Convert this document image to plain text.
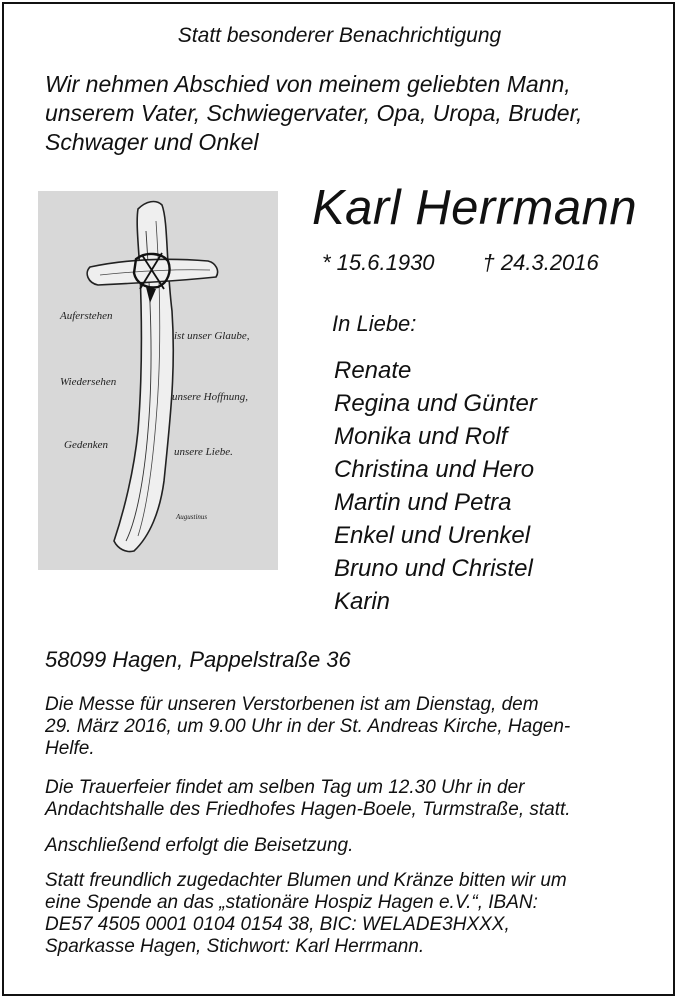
Statt besonderer Benachrichtigung
Wir nehmen Abschied von meinem geliebten Mann,
unserem Vater, Schwiegervater, Opa, Uropa, Bruder,
Schwager und Onkel
Auferstehen
ist unser Glaube,
Wiedersehen
unsere Hoffnung,
Gedenken
unsere Liebe.
Augustinus
Karl Herrmann
* 15.6.1930 † 24.3.2016
In Liebe:
Renate
Regina und Günter
Monika und Rolf
Christina und Hero
Martin und Petra
Enkel und Urenkel
Bruno und Christel
Karin
58099 Hagen, Pappelstraße 36
Die Messe für unseren Verstorbenen ist am Dienstag, dem
29. März 2016, um 9.00 Uhr in der St. Andreas Kirche, Hagen-
Helfe.
Die Trauerfeier findet am selben Tag um 12.30 Uhr in der
Andachtshalle des Friedhofes Hagen-Boele, Turmstraße, statt.
Anschließend erfolgt die Beisetzung.
Statt freundlich zugedachter Blumen und Kränze bitten wir um
eine Spende an das „stationäre Hospiz Hagen e.V.“, IBAN:
DE57 4505 0001 0104 0154 38, BIC: WELADE3HXXX,
Sparkasse Hagen, Stichwort: Karl Herrmann.
